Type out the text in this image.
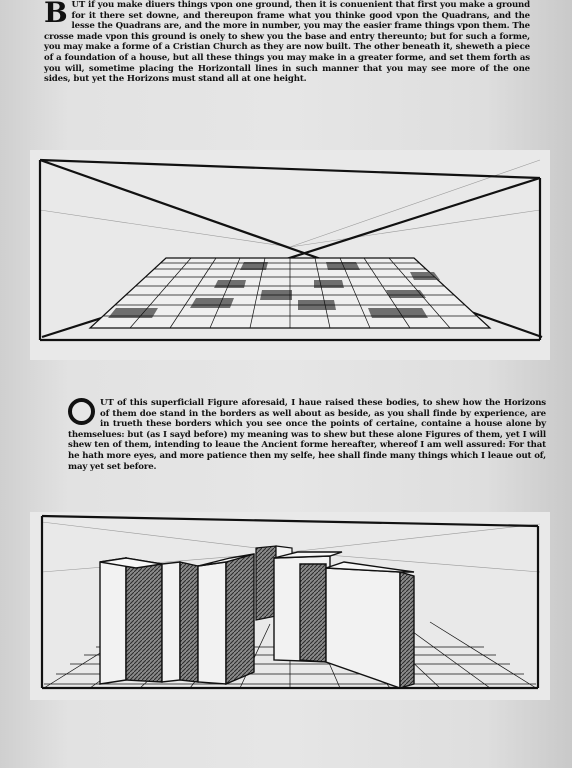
B UT if you make diuers things vpon one ground, then it is conuenient that first you make a ground for it there set downe, and thereupon frame what you thinke good vpon the Quadrans, and the lesse the Quadrans are, and the more in number, you may the easier frame things vpon them. The crosse made vpon this ground is onely to shew you the base and entry thereunto; but for such a forme, you may make a forme of a Cristian Church as they are now built. The other beneath it, sheweth a piece of a foundation of a house, but all these things you may make in a greater forme, and set them forth as you will, sometime placing the Horizontall lines in such manner that you may see more of the one sides, but yet the Horizons must stand all at one height.

UT of this superficiall Figure aforesaid, I haue raised these bodies, to shew how the Horizons of them doe stand in the borders as well about as beside, as you shall finde by experience, are in trueth these borders which you see once the points of certaine, containe a house alone by themselues: but (as I sayd before) my meaning was to shew but these alone Figures of them, yet I will shew ten of them, intending to leaue the Ancient forme hereafter, whereof I am well assured: For that he hath more eyes, and more patience then my selfe, hee shall finde many things which I leaue out of, may yet set before.
